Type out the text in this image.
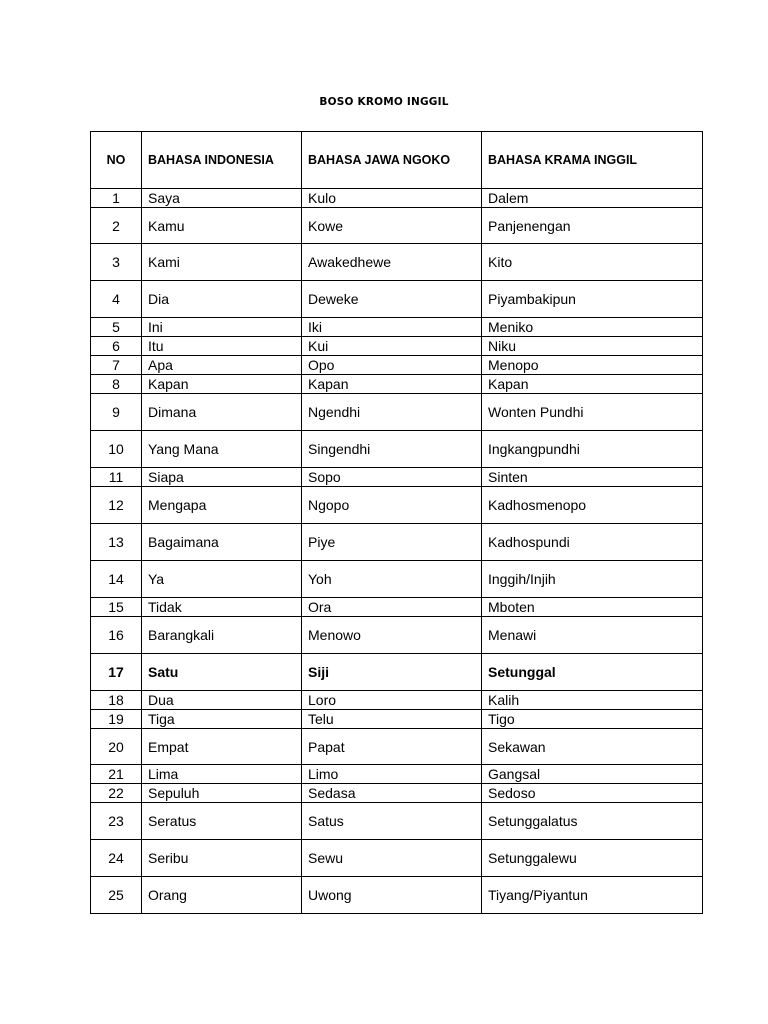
BOSO KROMO INGGIL
NO	BAHASA INDONESIA	BAHASA JAWA NGOKO	BAHASA KRAMA INGGIL
1	Saya	Kulo	Dalem
2	Kamu	Kowe	Panjenengan
3	Kami	Awakedhewe	Kito
4	Dia	Deweke	Piyambakipun
5	Ini	Iki	Meniko
6	Itu	Kui	Niku
7	Apa	Opo	Menopo
8	Kapan	Kapan	Kapan
9	Dimana	Ngendhi	Wonten Pundhi
10	Yang Mana	Singendhi	Ingkangpundhi
11	Siapa	Sopo	Sinten
12	Mengapa	Ngopo	Kadhosmenopo
13	Bagaimana	Piye	Kadhospundi
14	Ya	Yoh	Inggih/Injih
15	Tidak	Ora	Mboten
16	Barangkali	Menowo	Menawi
17	Satu	Siji	Setunggal
18	Dua	Loro	Kalih
19	Tiga	Telu	Tigo
20	Empat	Papat	Sekawan
21	Lima	Limo	Gangsal
22	Sepuluh	Sedasa	Sedoso
23	Seratus	Satus	Setunggalatus
24	Seribu	Sewu	Setunggalewu
25	Orang	Uwong	Tiyang/Piyantun
